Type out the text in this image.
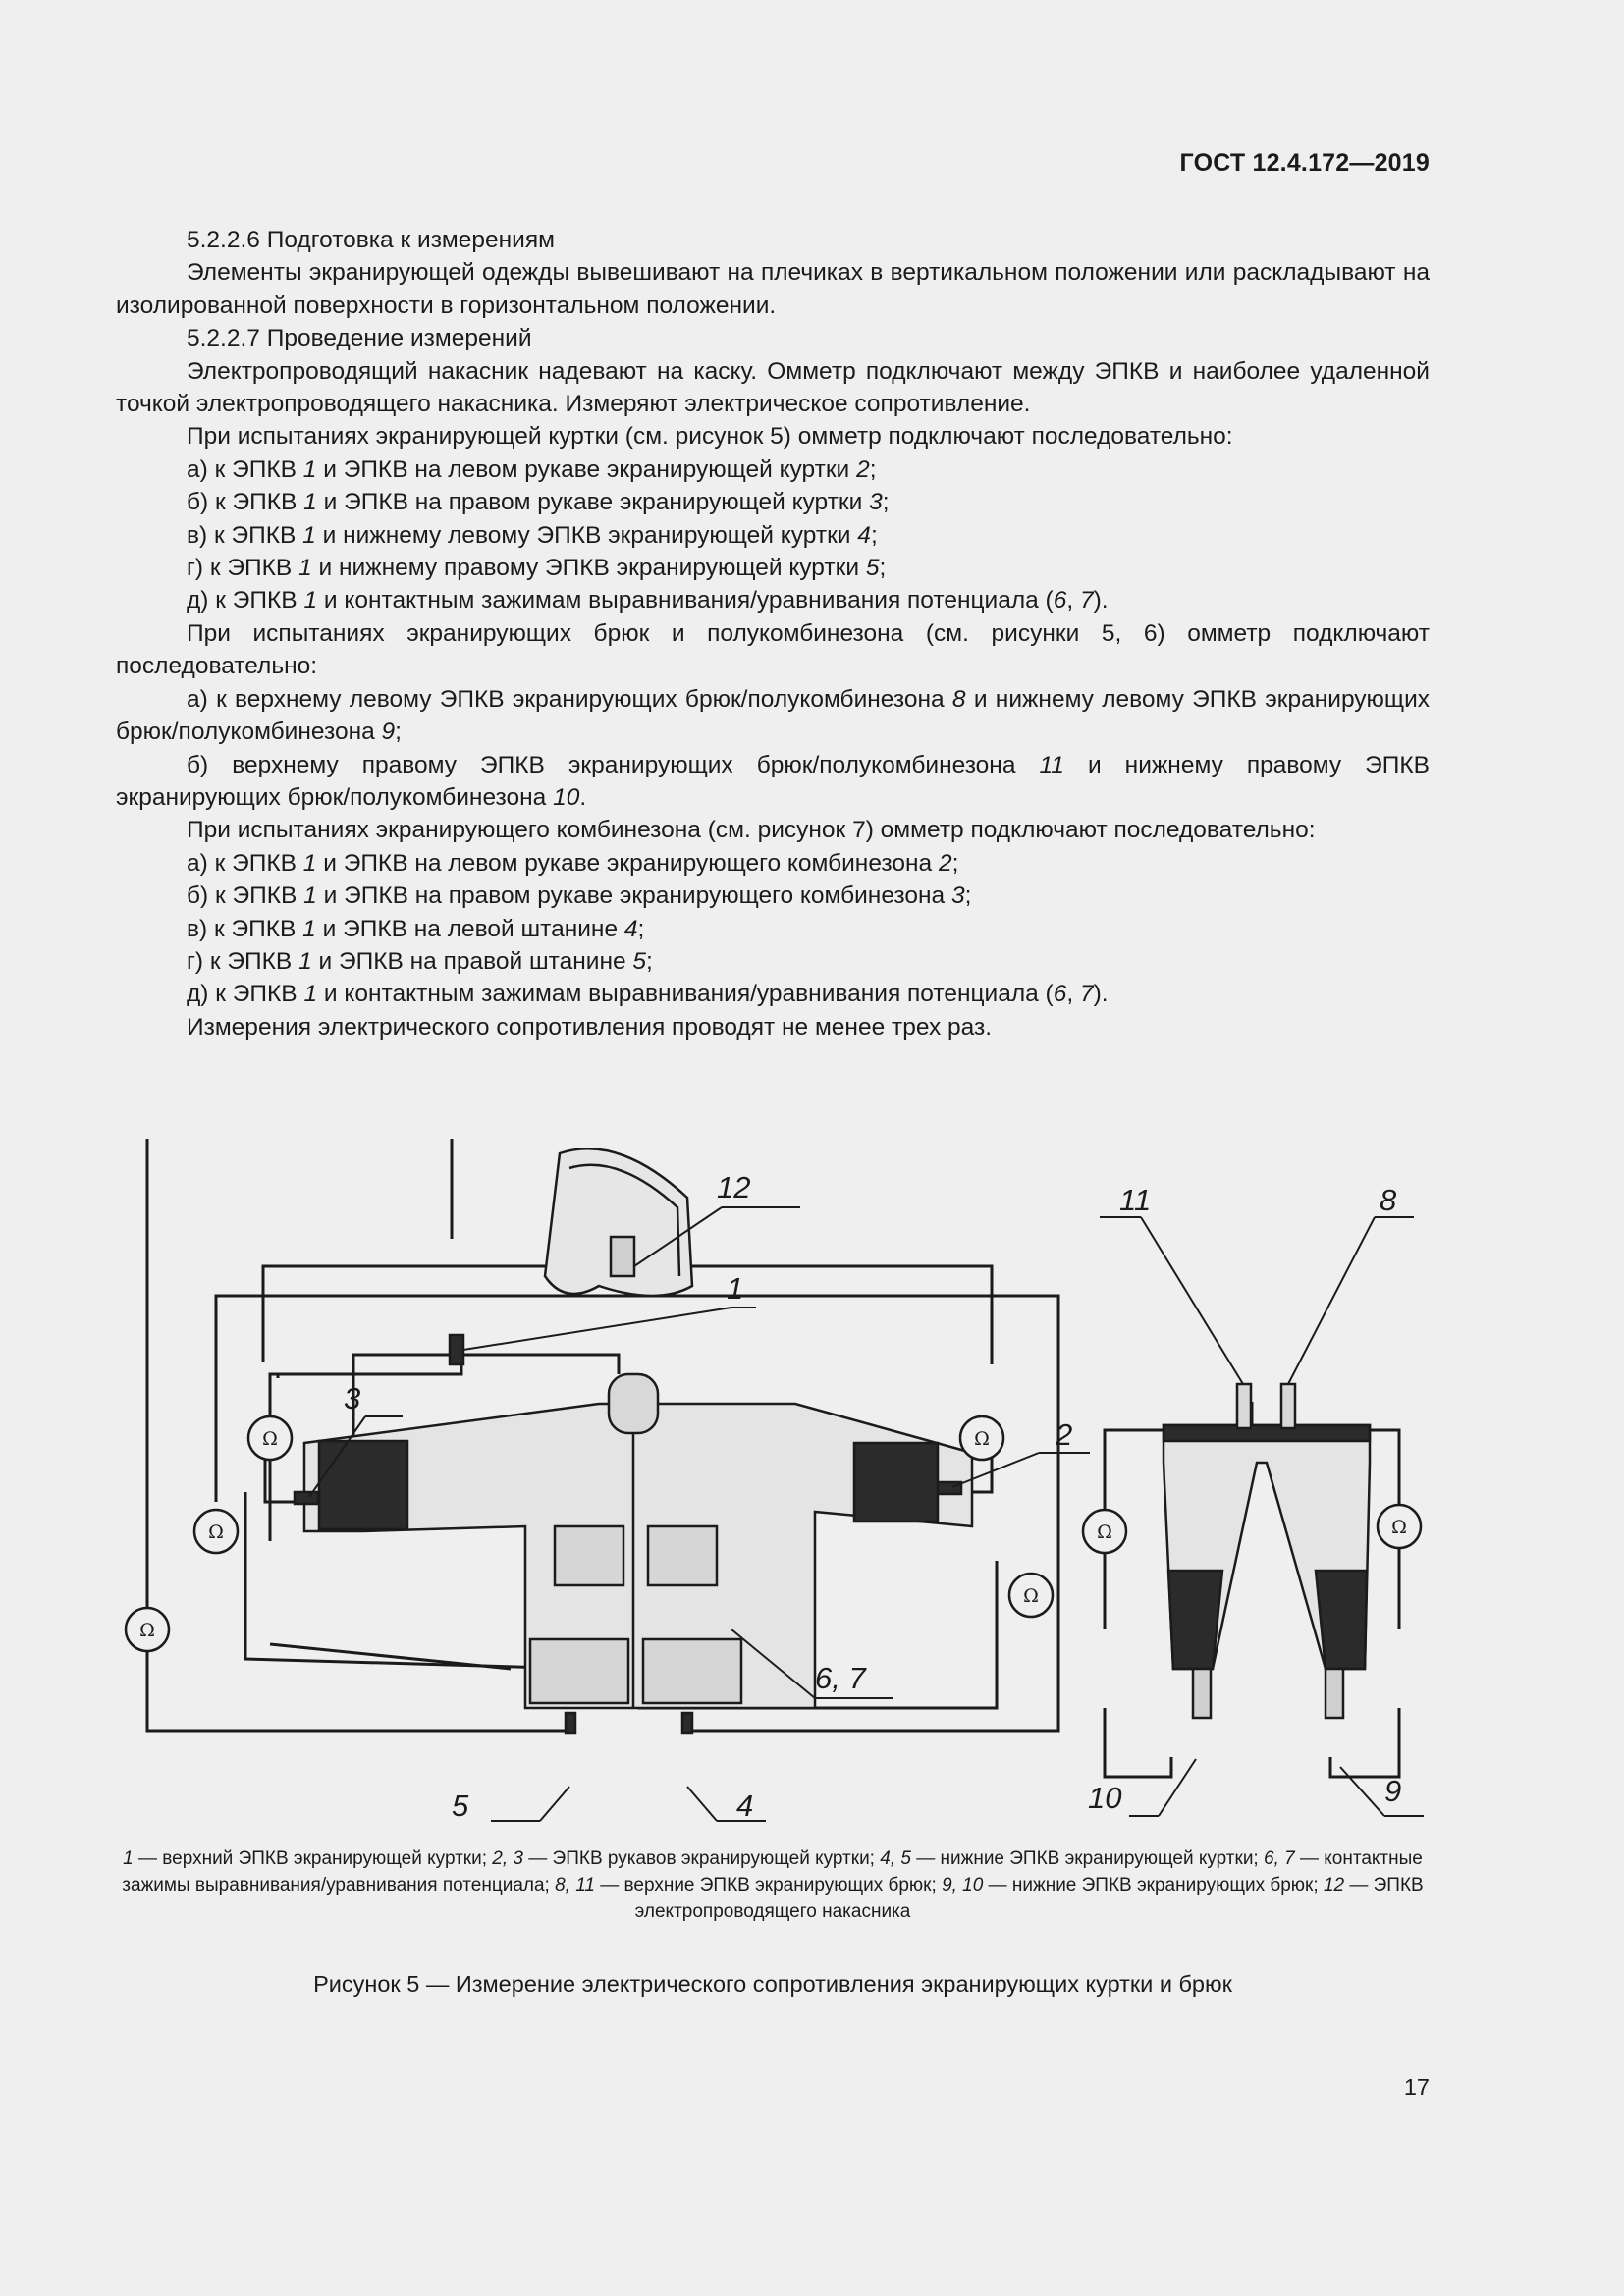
ГОСТ 12.4.172—2019

5.2.2.6 Подготовка к измерениям

Элементы экранирующей одежды вывешивают на плечиках в вертикальном положении или раскладывают на изолированной поверхности в горизонтальном положении.

5.2.2.7 Проведение измерений

Электропроводящий накасник надевают на каску. Омметр подключают между ЭПКВ и наиболее удаленной точкой электропроводящего накасника. Измеряют электрическое сопротивление.

При испытаниях экранирующей куртки (см. рисунок 5) омметр подключают последовательно:

а) к ЭПКВ 1 и ЭПКВ на левом рукаве экранирующей куртки 2;

б) к ЭПКВ 1 и ЭПКВ на правом рукаве экранирующей куртки 3;

в) к ЭПКВ 1 и нижнему левому ЭПКВ экранирующей куртки 4;

г) к ЭПКВ 1 и нижнему правому ЭПКВ экранирующей куртки 5;

д) к ЭПКВ 1 и контактным зажимам выравнивания/уравнивания потенциала (6, 7).

При испытаниях экранирующих брюк и полукомбинезона (см. рисунки 5, 6) омметр подключают последовательно:

а) к верхнему левому ЭПКВ экранирующих брюк/полукомбинезона 8 и нижнему левому ЭПКВ экранирующих брюк/полукомбинезона 9;

б) верхнему правому ЭПКВ экранирующих брюк/полукомбинезона 11 и нижнему правому ЭПКВ экранирующих брюк/полукомбинезона 10.

При испытаниях экранирующего комбинезона (см. рисунок 7) омметр подключают последовательно:

а) к ЭПКВ 1 и ЭПКВ на левом рукаве экранирующего комбинезона 2;

б) к ЭПКВ 1 и ЭПКВ на правом рукаве экранирующего комбинезона 3;

в) к ЭПКВ 1 и ЭПКВ на левой штанине 4;

г) к ЭПКВ 1 и ЭПКВ на правой штанине 5;

д) к ЭПКВ 1 и контактным зажимам выравнивания/уравнивания потенциала (6, 7).

Измерения электрического сопротивления проводят не менее трех раз.

Ω
Ω
Ω	Ω
Ω
Ω	Ω
12
1
3
2
6, 7
5	4
11	8
10	9
1 — верхний ЭПКВ экранирующей куртки; 2, 3 — ЭПКВ рукавов экранирующей куртки; 4, 5 — нижние ЭПКВ экранирующей куртки; 6, 7 — контактные зажимы выравнивания/уравнивания потенциала; 8, 11 — верхние ЭПКВ экранирующих брюк; 9, 10 — нижние ЭПКВ экранирующих брюк; 12 — ЭПКВ электропроводящего накасника
Рисунок 5 — Измерение электрического сопротивления экранирующих куртки и брюк
17
